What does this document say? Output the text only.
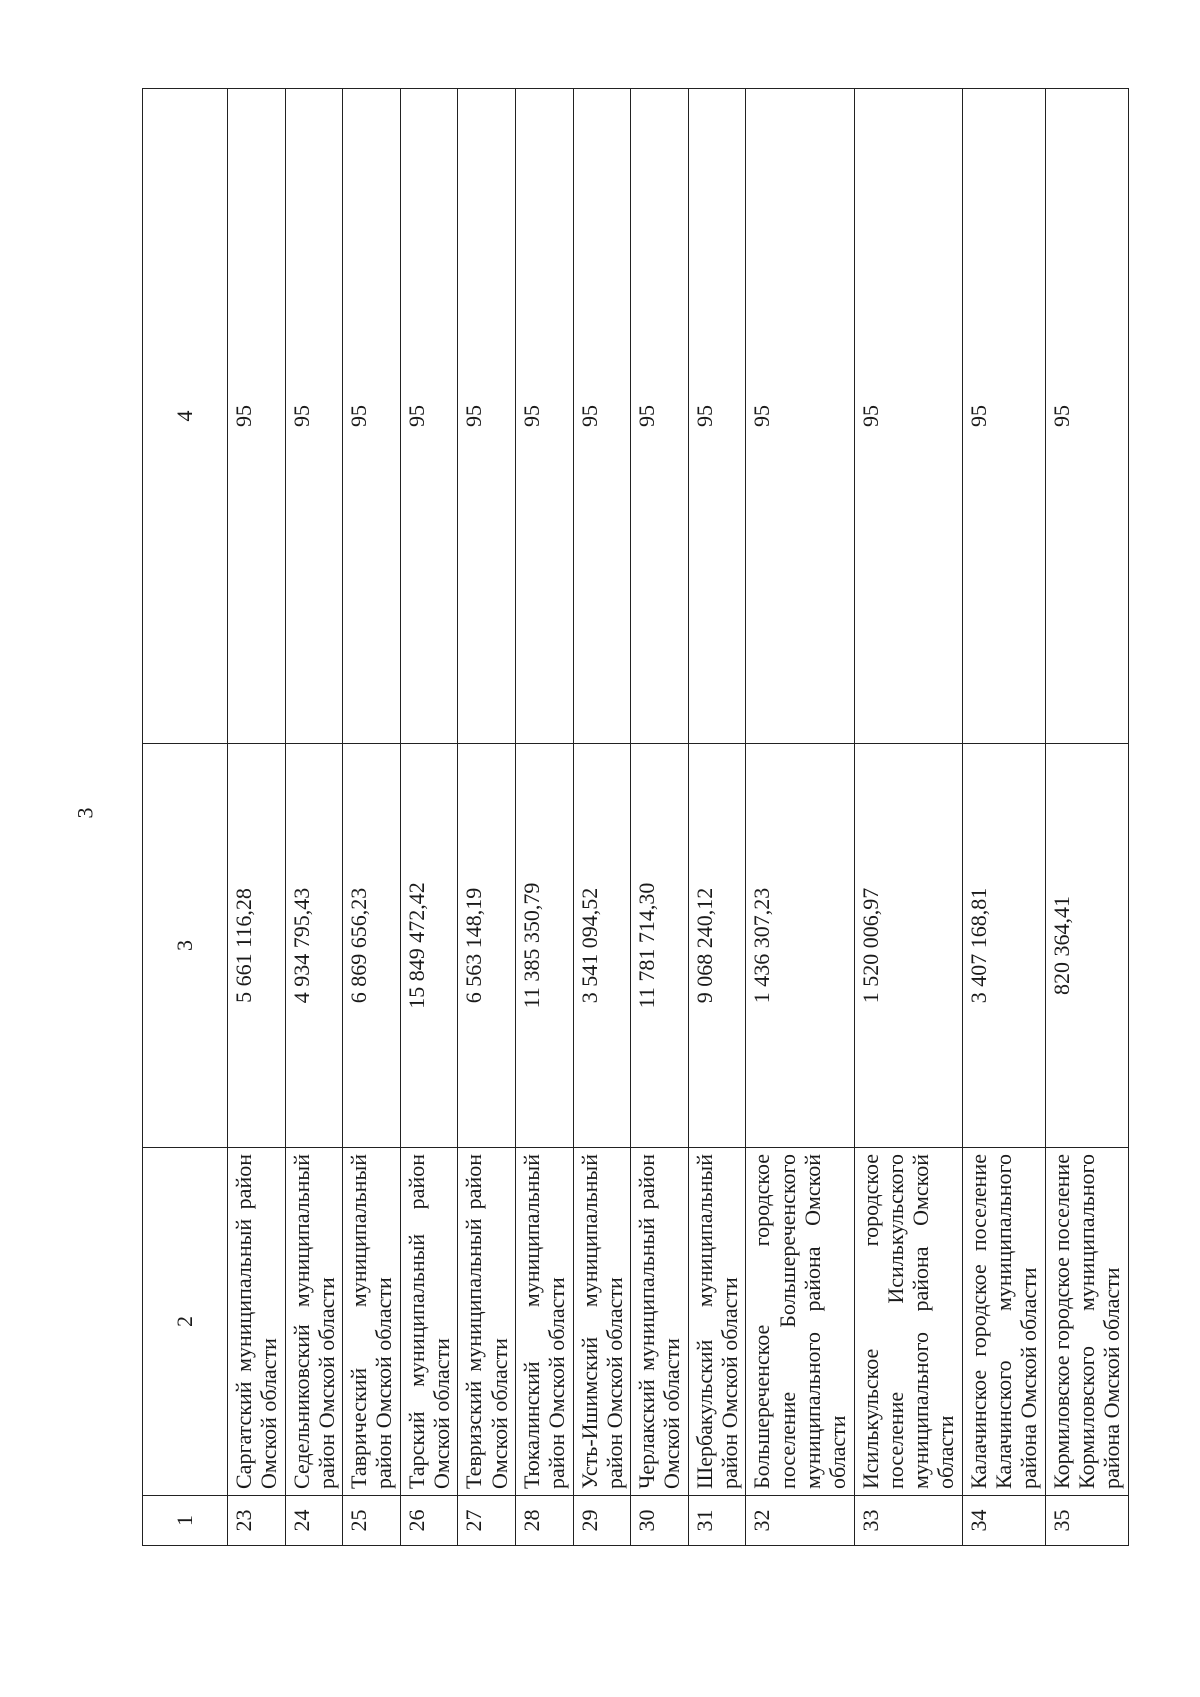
3
1	2	3	4
23	Саргатский муниципальный район Омской области	5 661 116,28	95
24	Седельниковский муниципальный район Омской области	4 934 795,43	95
25	Таврический муниципальный район Омской области	6 869 656,23	95
26	Тарский муниципальный район Омской области	15 849 472,42	95
27	Тевризский муниципальный район Омской области	6 563 148,19	95
28	Тюкалинский муниципальный район Омской области	11 385 350,79	95
29	Усть-Ишимский муниципальный район Омской области	3 541 094,52	95
30	Черлакский муниципальный район Омской области	11 781 714,30	95
31	Шербакульский муниципальный район Омской области	9 068 240,12	95
32	Большереченское городское поселение Большереченского муниципального района Омской области	1 436 307,23	95
33	Исилькульское городское поселение Исилькульского муниципального района Омской области	1 520 006,97	95
34	Калачинское городское поселение Калачинского муниципального района Омской области	3 407 168,81	95
35	Кормиловское городское поселение Кормиловского муниципального района Омской области	820 364,41	95
